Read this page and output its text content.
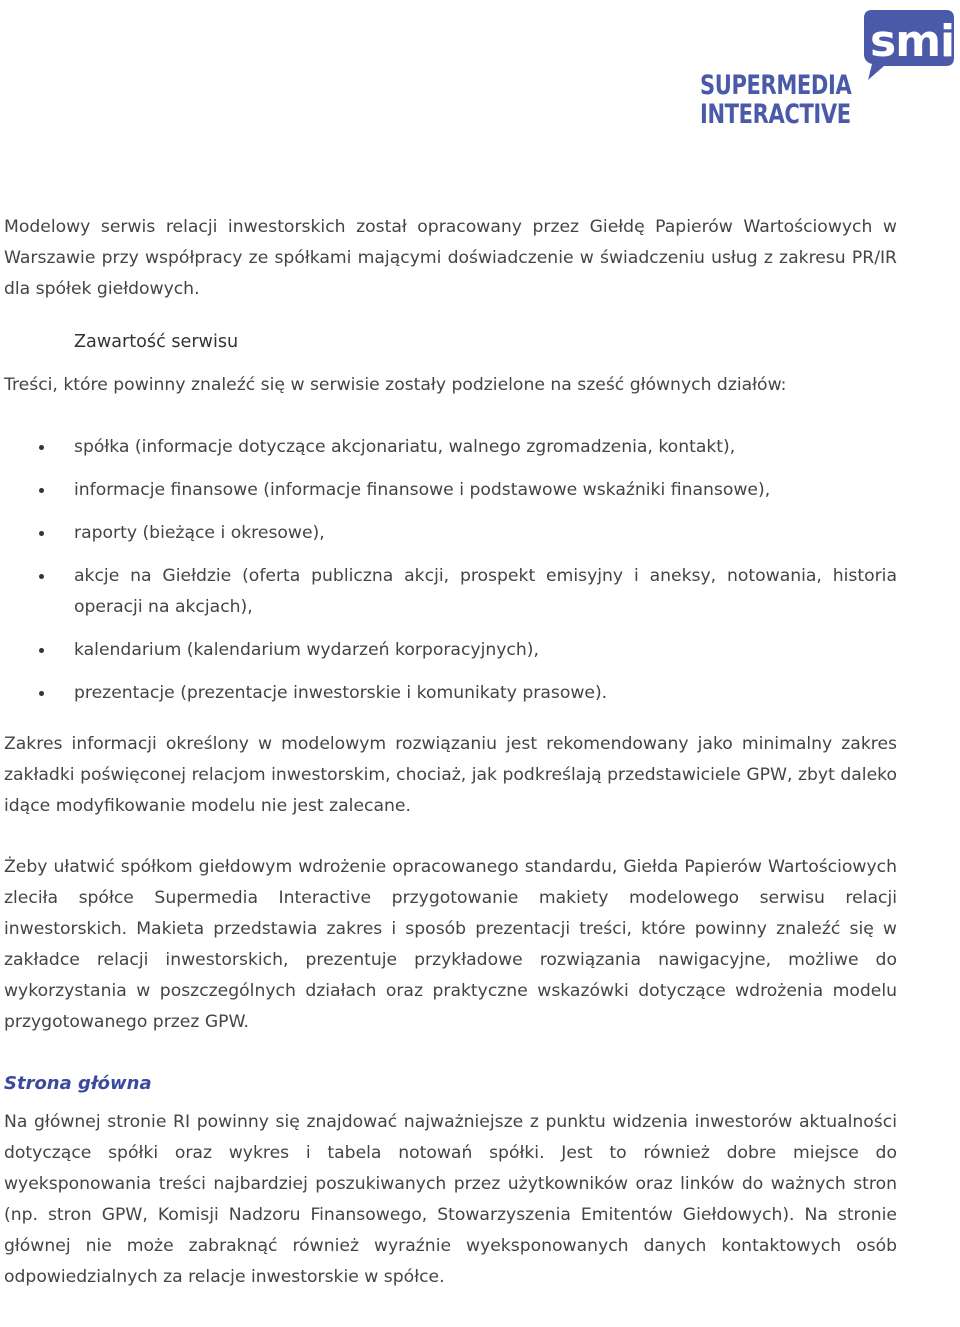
smi
SUPERMEDIA
INTERACTIVE

Modelowy serwis relacji inwestorskich został opracowany przez Giełdę Papierów Wartościowych w Warszawie przy współpracy ze spółkami mającymi doświadczenie w świadczeniu usług z zakresu PR/IR dla spółek giełdowych.

Zawartość serwisu

Treści, które powinny znaleźć się w serwisie zostały podzielone na sześć głównych działów:

spółka (informacje dotyczące akcjonariatu, walnego zgromadzenia, kontakt),
informacje finansowe (informacje finansowe i podstawowe wskaźniki finansowe),
raporty (bieżące i okresowe),
akcje na Giełdzie (oferta publiczna akcji, prospekt emisyjny i aneksy, notowania, historia operacji na akcjach),
kalendarium (kalendarium wydarzeń korporacyjnych),
prezentacje (prezentacje inwestorskie i komunikaty prasowe).

Zakres informacji określony w modelowym rozwiązaniu jest rekomendowany jako minimalny zakres zakładki poświęconej relacjom inwestorskim, chociaż, jak podkreślają przedstawiciele GPW, zbyt daleko idące modyfikowanie modelu nie jest zalecane.

Żeby ułatwić spółkom giełdowym wdrożenie opracowanego standardu, Giełda Papierów Wartościowych zleciła spółce Supermedia Interactive przygotowanie makiety modelowego serwisu relacji inwestorskich. Makieta przedstawia zakres i sposób prezentacji treści, które powinny znaleźć się w zakładce relacji inwestorskich, prezentuje przykładowe rozwiązania nawigacyjne, możliwe do wykorzystania w poszczególnych działach oraz praktyczne wskazówki dotyczące wdrożenia modelu przygotowanego przez GPW.

Strona główna

Na głównej stronie RI powinny się znajdować najważniejsze z punktu widzenia inwestorów aktualności dotyczące spółki oraz wykres i tabela notowań spółki. Jest to również dobre miejsce do wyeksponowania treści najbardziej poszukiwanych przez użytkowników oraz linków do ważnych stron (np. stron GPW, Komisji Nadzoru Finansowego, Stowarzyszenia Emitentów Giełdowych). Na stronie głównej nie może zabraknąć również wyraźnie wyeksponowanych danych kontaktowych osób odpowiedzialnych za relacje inwestorskie w spółce.
